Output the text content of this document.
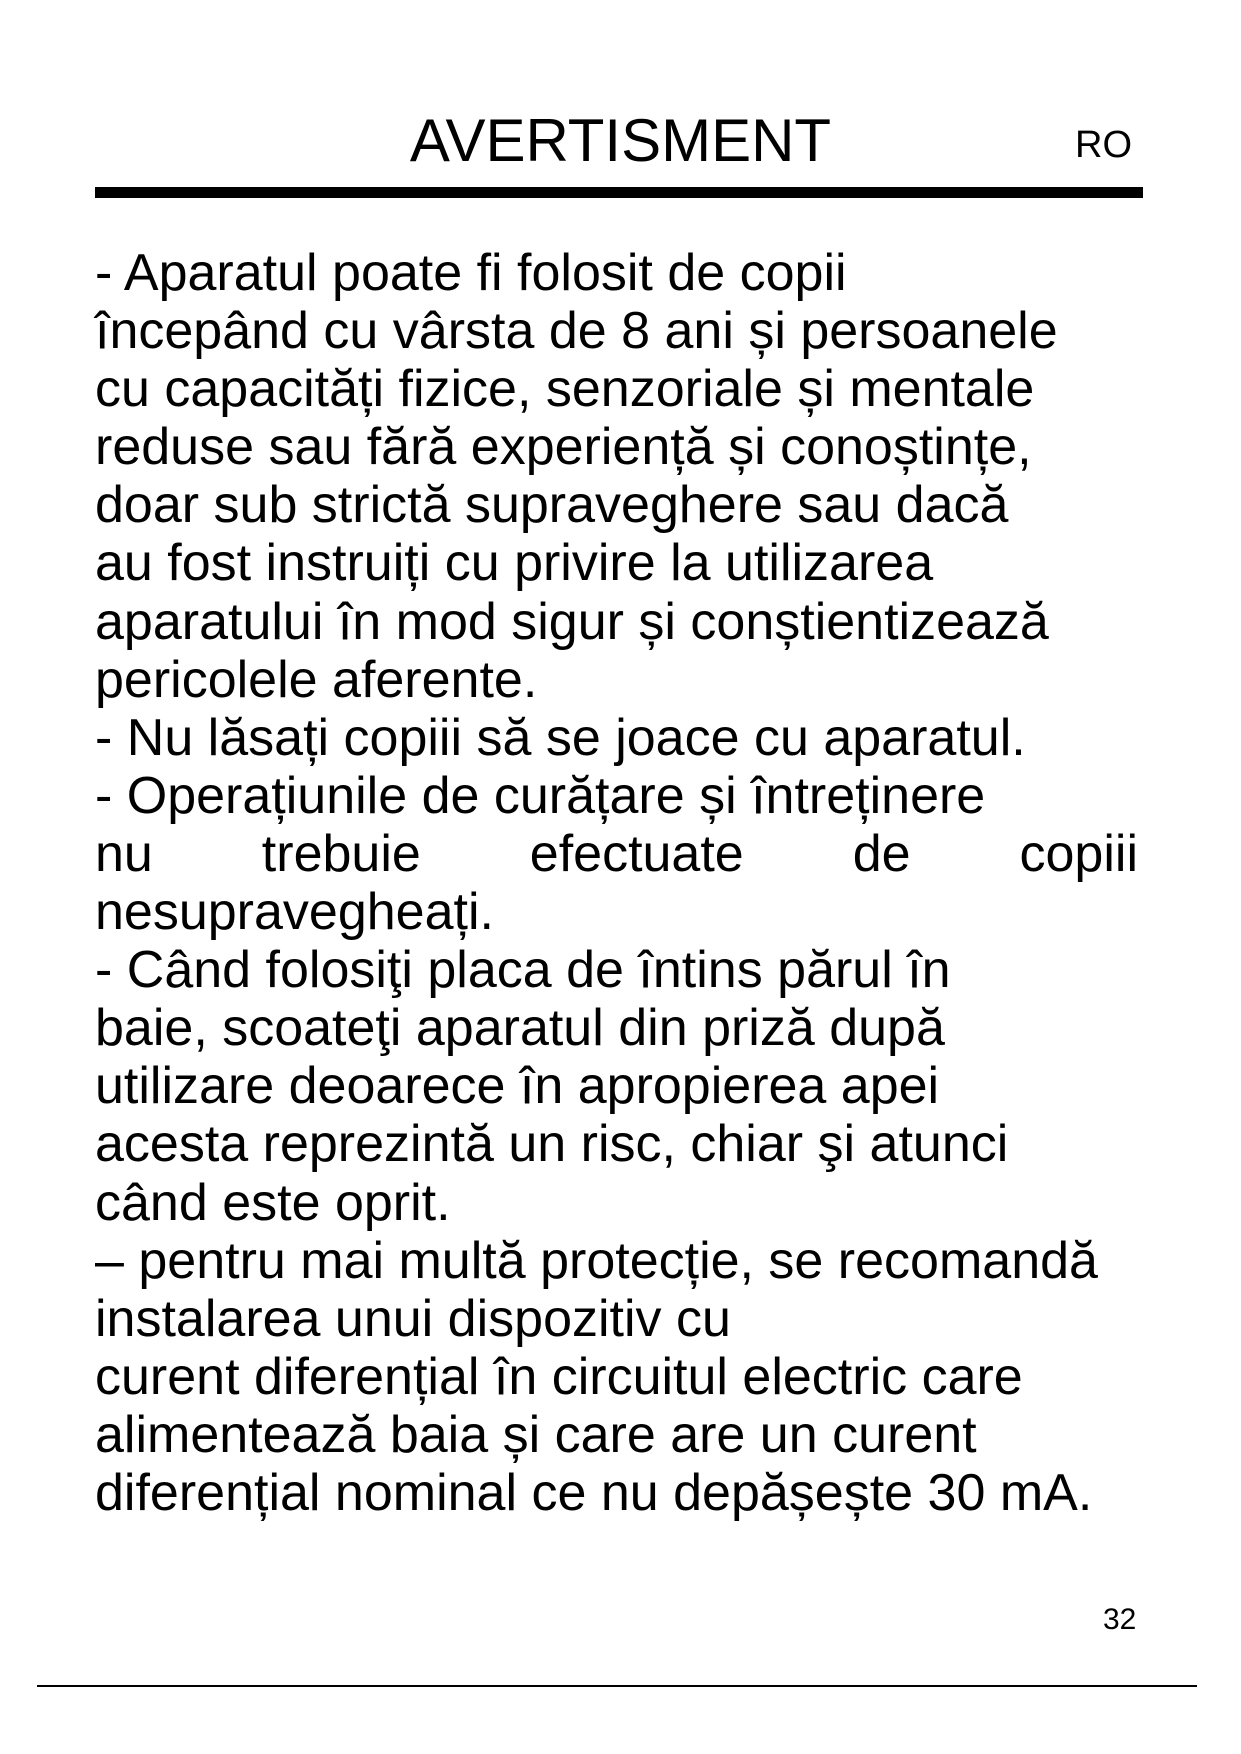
AVERTISMENT	RO
- Aparatul poate fi folosit de copii
începând cu vârsta de 8 ani și persoanele
cu capacități fizice, senzoriale și mentale
reduse sau fără experiență și conoștințe,
doar sub strictă supraveghere sau dacă
au fost instruiți cu privire la utilizarea
aparatului în mod sigur și conștientizează
pericolele aferente.
- Nu lăsați copiii să se joace cu aparatul.
- Operațiunile de curățare și întreținere
nu trebuie efectuate de copiii
nesupravegheați.
- Când folosiţi placa de întins părul în
baie, scoateţi aparatul din priză după
utilizare deoarece în apropierea apei
acesta reprezintă un risc, chiar şi atunci
când este oprit.
– pentru mai multă protecție, se recomandă
instalarea unui dispozitiv cu
curent diferențial în circuitul electric care
alimentează baia și care are un curent
diferențial nominal ce nu depășește 30 mA.
32
